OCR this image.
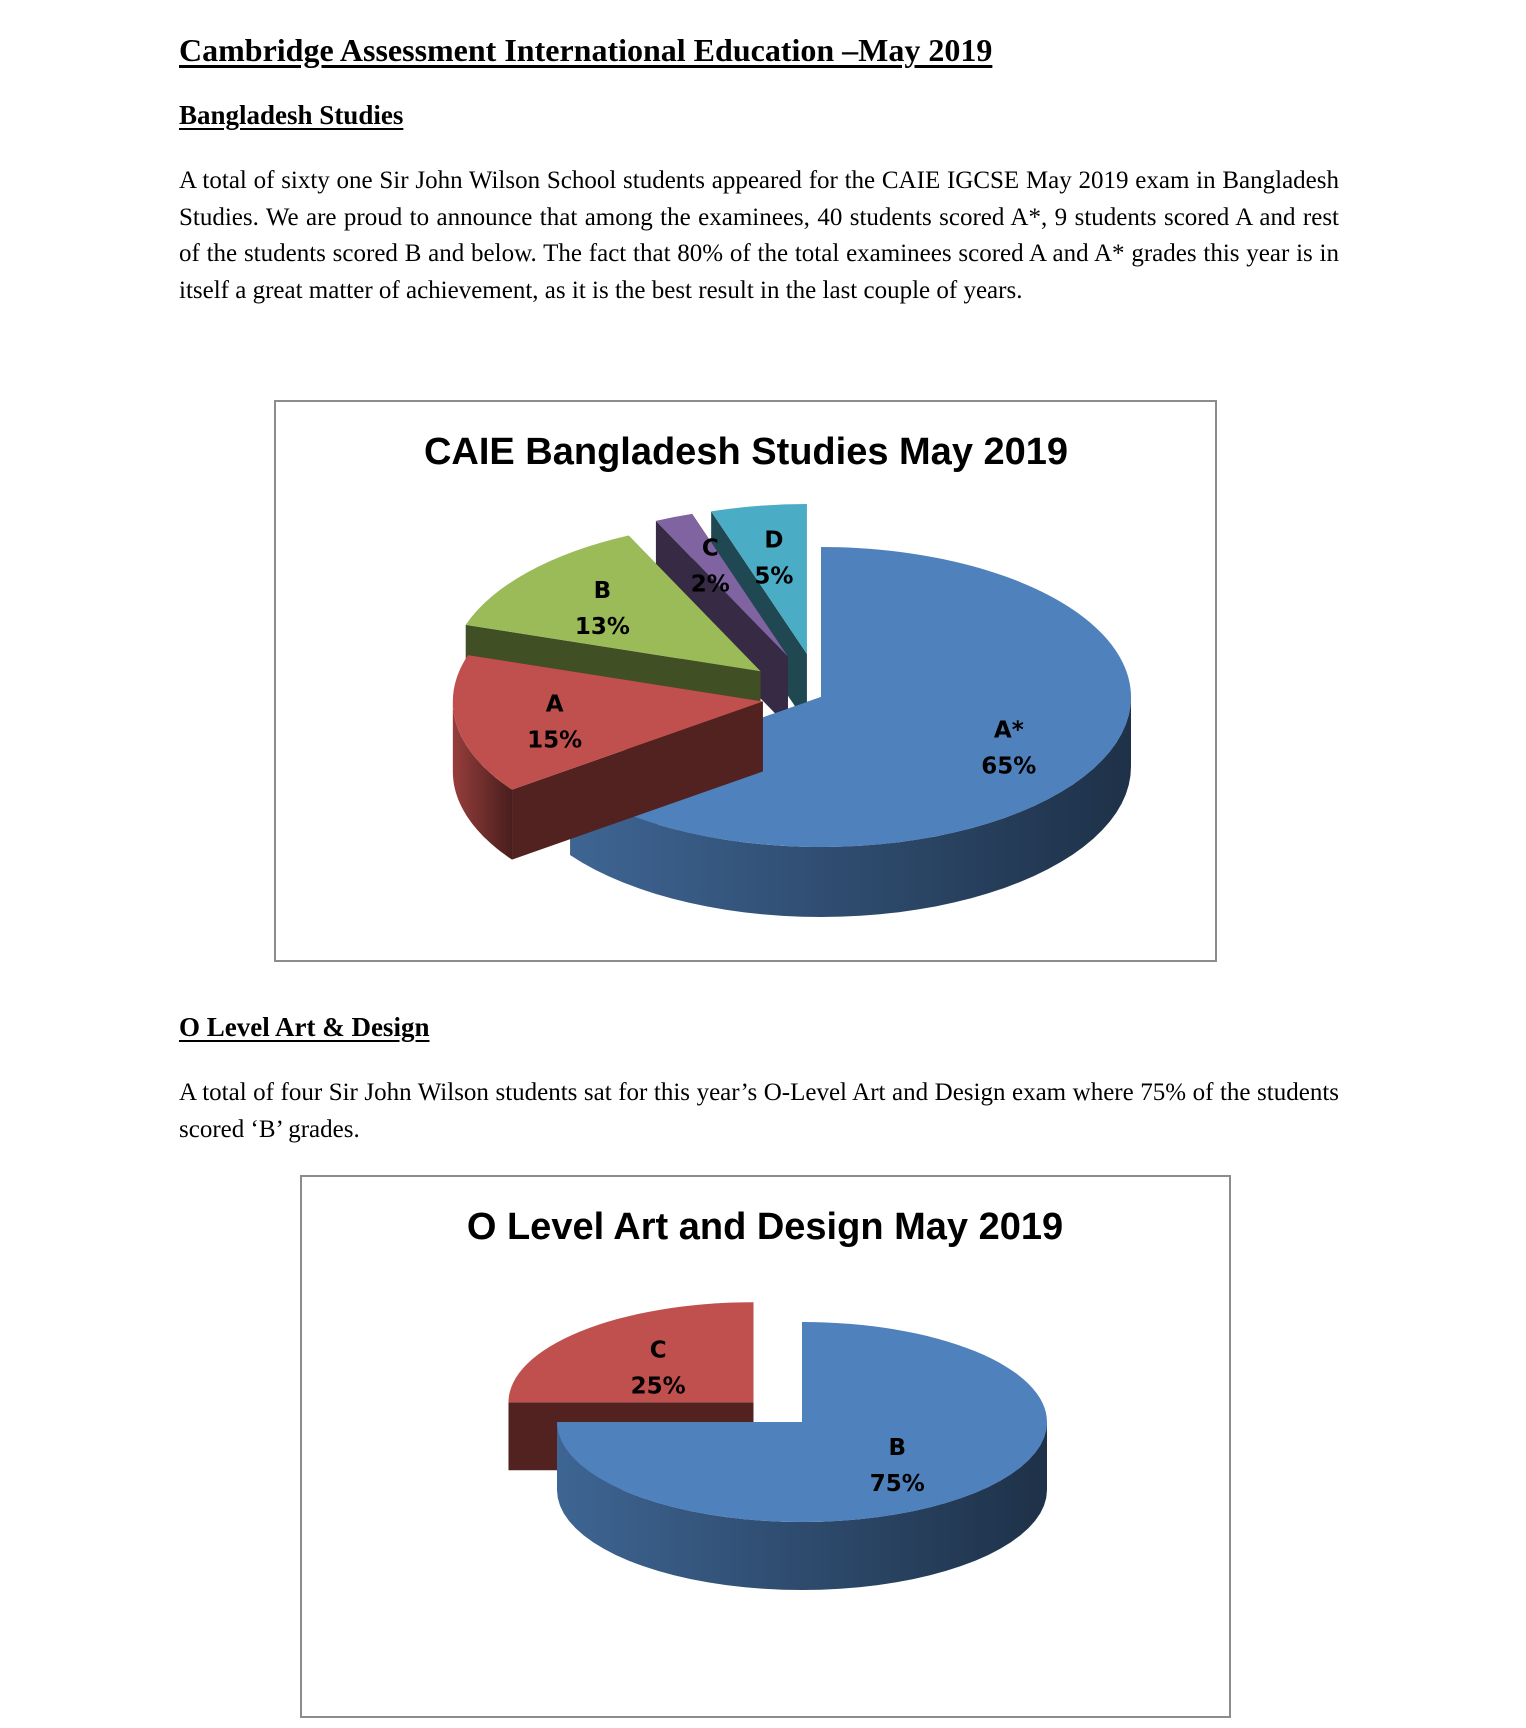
Cambridge Assessment International Education –May 2019
Bangladesh Studies

A total of sixty one Sir John Wilson School students appeared for the CAIE IGCSE May 2019 exam in Bangladesh Studies. We are proud to announce that among the examinees, 40 students scored A*, 9 students scored A and rest of the students scored B and below. The fact that 80% of the total examinees scored A and A* grades this year is in itself a great matter of achievement, as it is the best result in the last couple of years.

CAIE Bangladesh Studies May 2019
A*
65%
A
15%
B
13%
C
2%
D
5%
O Level Art & Design

A total of four Sir John Wilson students sat for this year’s O-Level Art and Design exam where 75% of the students scored ‘B’ grades.

O Level Art and Design May 2019
B
75%
C
25%
